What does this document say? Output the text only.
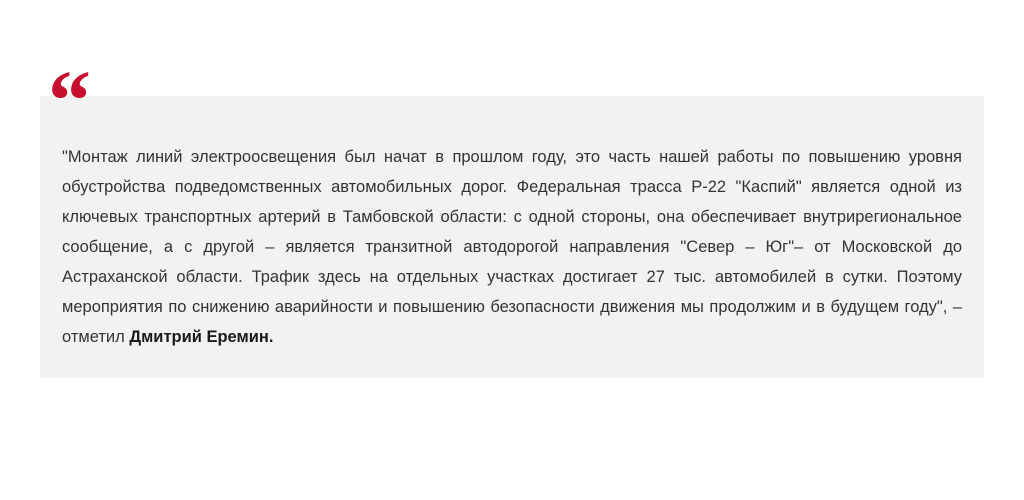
“
"Монтаж линий электроосвещения был начат в прошлом году, это часть нашей работы по повышению уровня обустройства подведомственных автомобильных дорог. Федеральная трасса Р-22 "Каспий" является одной из ключевых транспортных артерий в Тамбовской области: с одной стороны, она обеспечивает внутрирегиональное сообщение, а с другой – является транзитной автодорогой направления "Север – Юг"– от Московской до Астраханской области. Трафик здесь на отдельных участках достигает 27 тыс. автомобилей в сутки. Поэтому мероприятия по снижению аварийности и повышению безопасности движения мы продолжим и в будущем году", – отметил Дмитрий Еремин.
